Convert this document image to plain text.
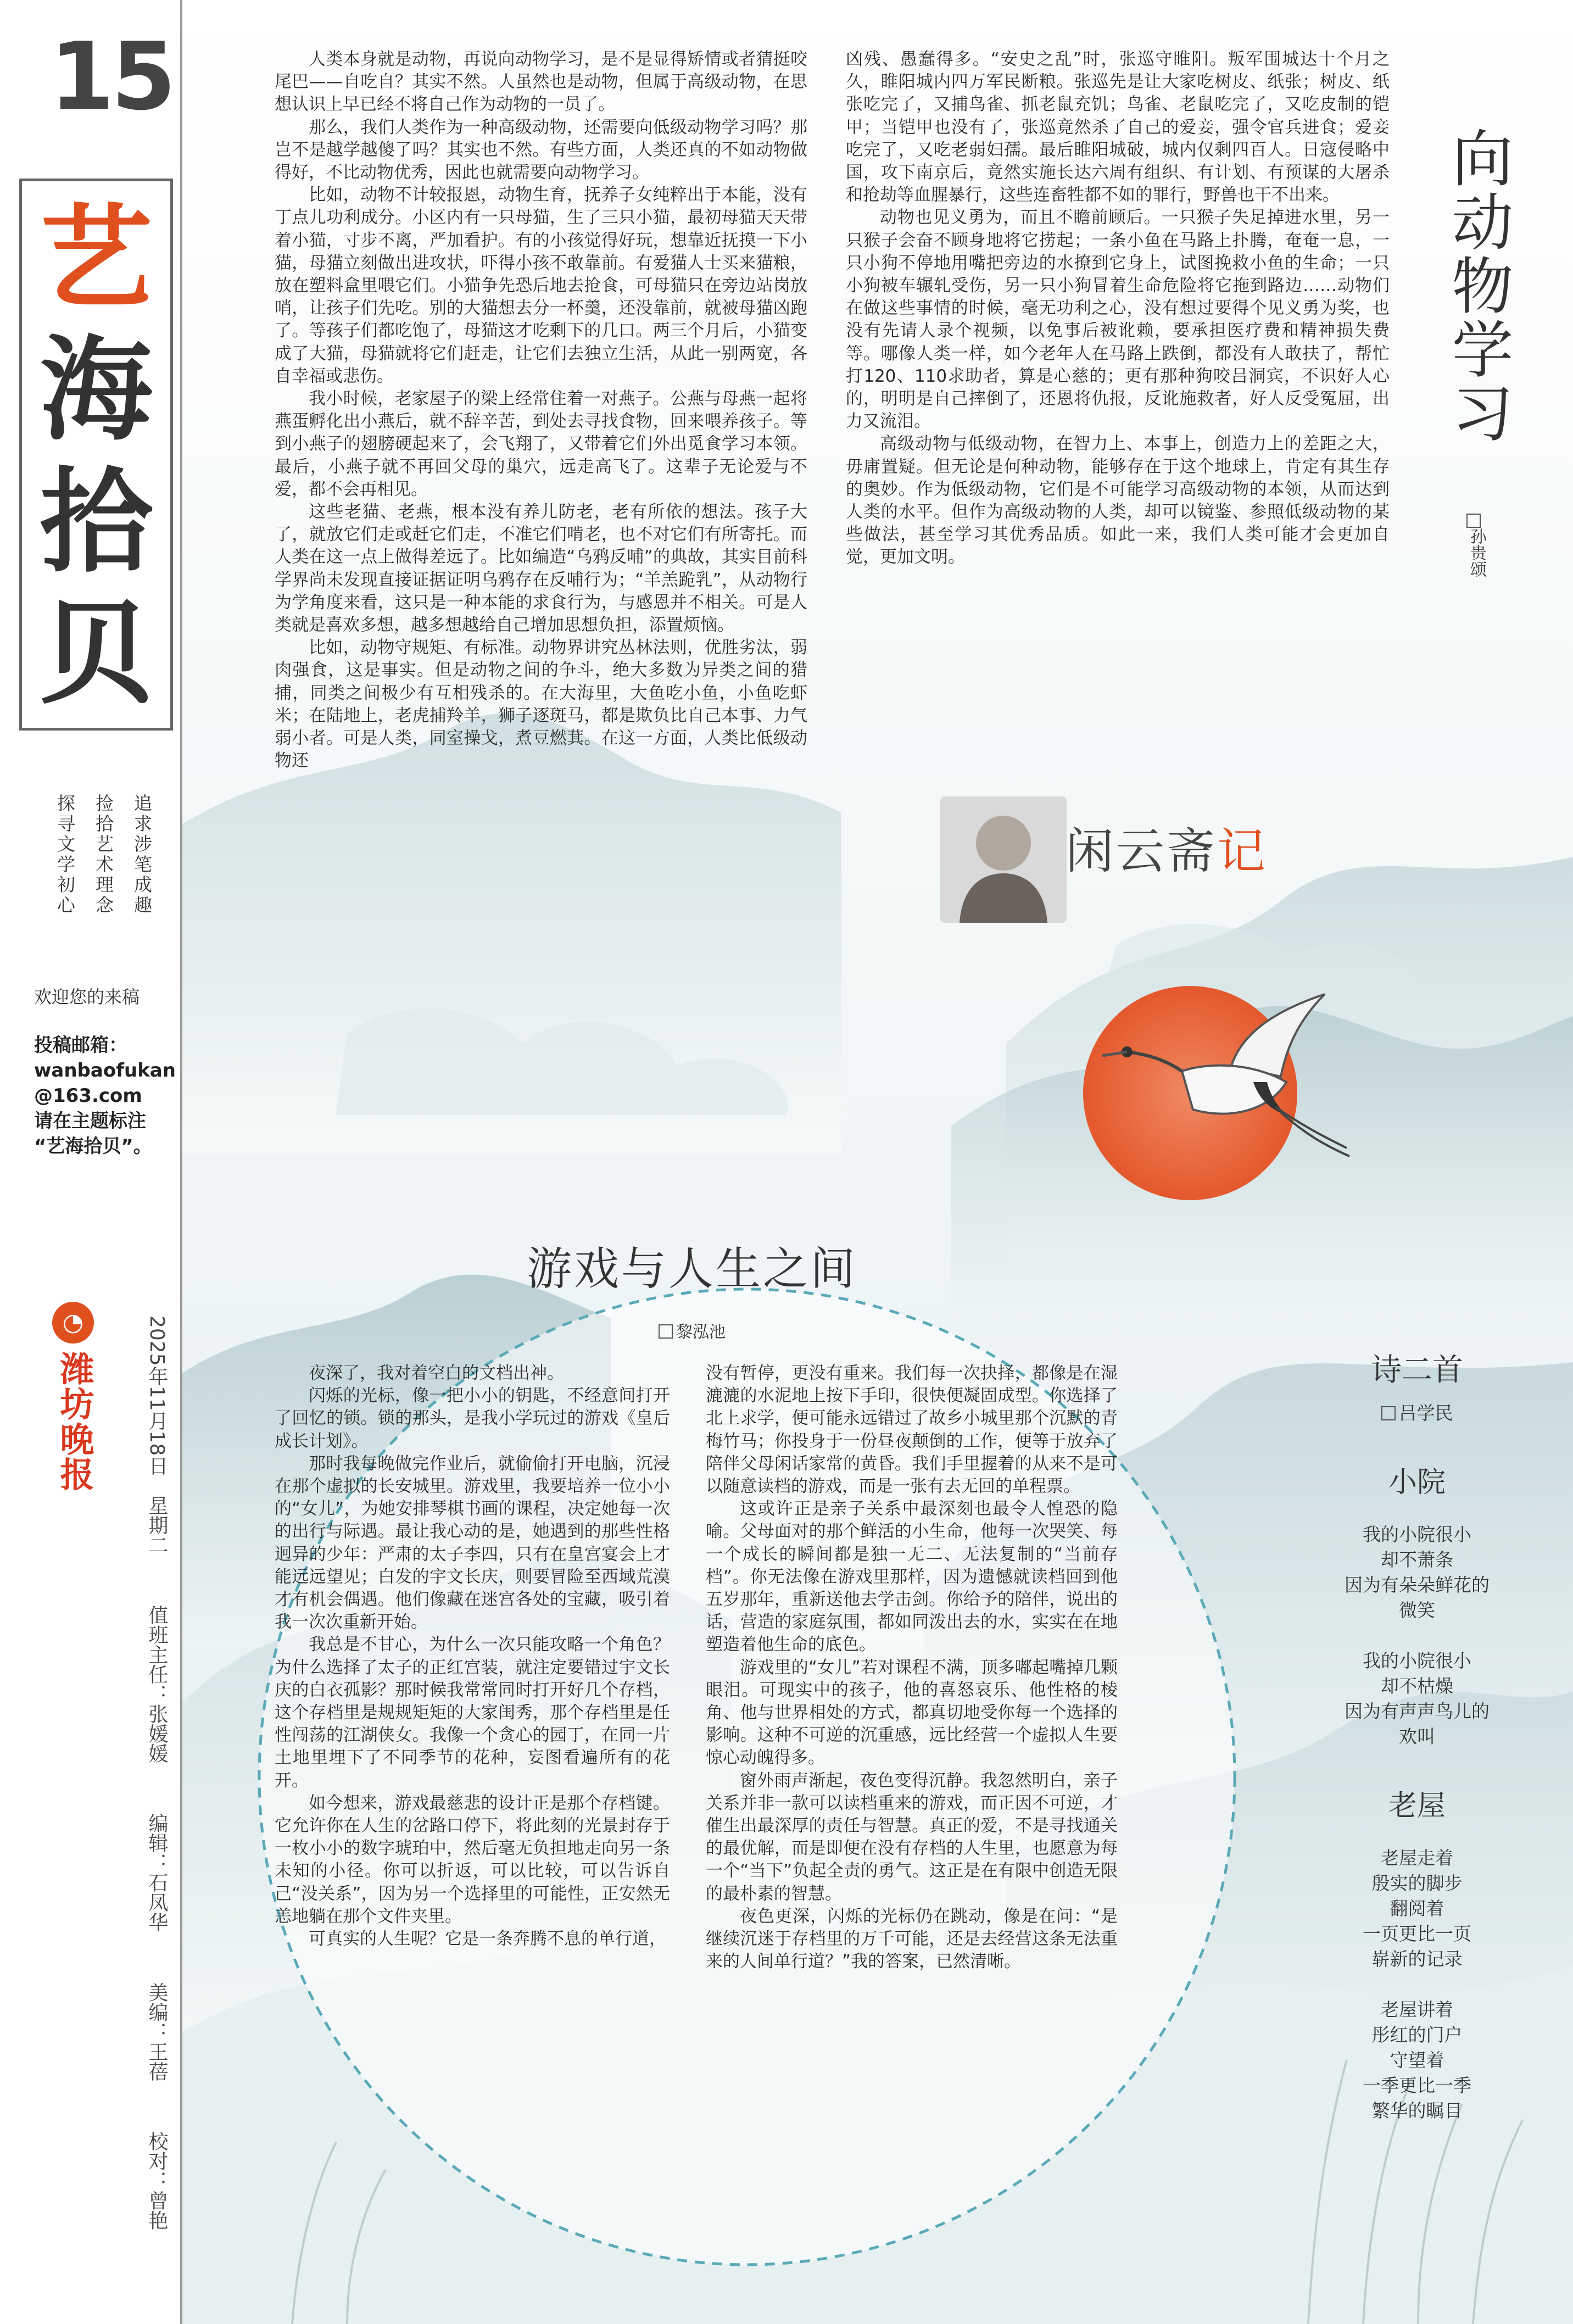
15
艺
海
拾
贝
追求涉笔成趣
捡拾艺术理念
探寻文学初心
欢迎您的来稿
投稿邮箱：
wanbaofukan
@163.com
请在主题标注
“艺海拾贝”。
◔
潍坊晚报	2025年11月18日　星期二 值班主任：张媛媛 编辑：石凤华 美编：王蓓 校对：曾艳
向动物学习
孙贵颂

人类本身就是动物，再说向动物学习，是不是显得矫情或者猜挺咬尾巴——自吃自？其实不然。人虽然也是动物，但属于高级动物，在思想认识上早已经不将自己作为动物的一员了。

那么，我们人类作为一种高级动物，还需要向低级动物学习吗？那岂不是越学越傻了吗？其实也不然。有些方面，人类还真的不如动物做得好，不比动物优秀，因此也就需要向动物学习。

比如，动物不计较报恩，动物生育，抚养子女纯粹出于本能，没有丁点儿功利成分。小区内有一只母猫，生了三只小猫，最初母猫天天带着小猫，寸步不离，严加看护。有的小孩觉得好玩，想靠近抚摸一下小猫，母猫立刻做出进攻状，吓得小孩不敢靠前。有爱猫人士买来猫粮，放在塑料盒里喂它们。小猫争先恐后地去抢食，可母猫只在旁边站岗放哨，让孩子们先吃。别的大猫想去分一杯羹，还没靠前，就被母猫凶跑了。等孩子们都吃饱了，母猫这才吃剩下的几口。两三个月后，小猫变成了大猫，母猫就将它们赶走，让它们去独立生活，从此一别两宽，各自幸福或悲伤。

我小时候，老家屋子的梁上经常住着一对燕子。公燕与母燕一起将燕蛋孵化出小燕后，就不辞辛苦，到处去寻找食物，回来喂养孩子。等到小燕子的翅膀硬起来了，会飞翔了，又带着它们外出觅食学习本领。最后，小燕子就不再回父母的巢穴，远走高飞了。这辈子无论爱与不爱，都不会再相见。

这些老猫、老燕，根本没有养儿防老，老有所依的想法。孩子大了，就放它们走或赶它们走，不准它们啃老，也不对它们有所寄托。而人类在这一点上做得差远了。比如编造“乌鸦反哺”的典故，其实目前科学界尚未发现直接证据证明乌鸦存在反哺行为；“羊羔跪乳”，从动物行为学角度来看，这只是一种本能的求食行为，与感恩并不相关。可是人类就是喜欢多想，越多想越给自己增加思想负担，添置烦恼。

比如，动物守规矩、有标准。动物界讲究丛林法则，优胜劣汰，弱肉强食，这是事实。但是动物之间的争斗，绝大多数为异类之间的猎捕，同类之间极少有互相残杀的。在大海里，大鱼吃小鱼，小鱼吃虾米；在陆地上，老虎捕羚羊，狮子逐斑马，都是欺负比自己本事、力气弱小者。可是人类，同室操戈，煮豆燃萁。在这一方面，人类比低级动物还

凶残、愚蠢得多。“安史之乱”时，张巡守睢阳。叛军围城达十个月之久，睢阳城内四万军民断粮。张巡先是让大家吃树皮、纸张；树皮、纸张吃完了，又捕鸟雀、抓老鼠充饥；鸟雀、老鼠吃完了，又吃皮制的铠甲；当铠甲也没有了，张巡竟然杀了自己的爱妾，强令官兵进食；爱妾吃完了，又吃老弱妇孺。最后睢阳城破，城内仅剩四百人。日寇侵略中国，攻下南京后，竟然实施长达六周有组织、有计划、有预谋的大屠杀和抢劫等血腥暴行，这些连畜牲都不如的罪行，野兽也干不出来。

动物也见义勇为，而且不瞻前顾后。一只猴子失足掉进水里，另一只猴子会奋不顾身地将它捞起；一条小鱼在马路上扑腾，奄奄一息，一只小狗不停地用嘴把旁边的水撩到它身上，试图挽救小鱼的生命；一只小狗被车辗轧受伤，另一只小狗冒着生命危险将它拖到路边……动物们在做这些事情的时候，毫无功利之心，没有想过要得个见义勇为奖，也没有先请人录个视频，以免事后被讹赖，要承担医疗费和精神损失费等。哪像人类一样，如今老年人在马路上跌倒，都没有人敢扶了，帮忙打120、110求助者，算是心慈的；更有那种狗咬吕洞宾，不识好人心的，明明是自己摔倒了，还恩将仇报，反讹施救者，好人反受冤屈，出力又流泪。

高级动物与低级动物，在智力上、本事上，创造力上的差距之大，毋庸置疑。但无论是何种动物，能够存在于这个地球上，肯定有其生存的奥妙。作为低级动物，它们是不可能学习高级动物的本领，从而达到人类的水平。但作为高级动物的人类，却可以镜鉴、参照低级动物的某些做法，甚至学习其优秀品质。如此一来，我们人类可能才会更加自觉，更加文明。

闲云斋记
游戏与人生之间
黎泓池

夜深了，我对着空白的文档出神。

闪烁的光标，像一把小小的钥匙，不经意间打开了回忆的锁。锁的那头，是我小学玩过的游戏《皇后成长计划》。

那时我每晚做完作业后，就偷偷打开电脑，沉浸在那个虚拟的长安城里。游戏里，我要培养一位小小的“女儿”，为她安排琴棋书画的课程，决定她每一次的出行与际遇。最让我心动的是，她遇到的那些性格迥异的少年：严肃的太子李四，只有在皇宫宴会上才能远远望见；白发的宇文长庆，则要冒险至西域荒漠才有机会偶遇。他们像藏在迷宫各处的宝藏，吸引着我一次次重新开始。

我总是不甘心，为什么一次只能攻略一个角色？为什么选择了太子的正红宫装，就注定要错过宇文长庆的白衣孤影？那时候我常常同时打开好几个存档，这个存档里是规规矩矩的大家闺秀，那个存档里是任性闯荡的江湖侠女。我像一个贪心的园丁，在同一片土地里埋下了不同季节的花种，妄图看遍所有的花开。

如今想来，游戏最慈悲的设计正是那个存档键。它允许你在人生的岔路口停下，将此刻的光景封存于一枚小小的数字琥珀中，然后毫无负担地走向另一条未知的小径。你可以折返，可以比较，可以告诉自己“没关系”，因为另一个选择里的可能性，正安然无恙地躺在那个文件夹里。

可真实的人生呢？它是一条奔腾不息的单行道，

没有暂停，更没有重来。我们每一次抉择，都像是在湿漉漉的水泥地上按下手印，很快便凝固成型。你选择了北上求学，便可能永远错过了故乡小城里那个沉默的青梅竹马；你投身于一份昼夜颠倒的工作，便等于放弃了陪伴父母闲话家常的黄昏。我们手里握着的从来不是可以随意读档的游戏，而是一张有去无回的单程票。

这或许正是亲子关系中最深刻也最令人惶恐的隐喻。父母面对的那个鲜活的小生命，他每一次哭笑、每一个成长的瞬间都是独一无二、无法复制的“当前存档”。你无法像在游戏里那样，因为遗憾就读档回到他五岁那年，重新送他去学击剑。你给予的陪伴，说出的话，营造的家庭氛围，都如同泼出去的水，实实在在地塑造着他生命的底色。

游戏里的“女儿”若对课程不满，顶多嘟起嘴掉几颗眼泪。可现实中的孩子，他的喜怒哀乐、他性格的棱角、他与世界相处的方式，都真切地受你每一个选择的影响。这种不可逆的沉重感，远比经营一个虚拟人生要惊心动魄得多。

窗外雨声渐起，夜色变得沉静。我忽然明白，亲子关系并非一款可以读档重来的游戏，而正因不可逆，才催生出最深厚的责任与智慧。真正的爱，不是寻找通关的最优解，而是即便在没有存档的人生里，也愿意为每一个“当下”负起全责的勇气。这正是在有限中创造无限的最朴素的智慧。

夜色更深，闪烁的光标仍在跳动，像是在问：“是继续沉迷于存档里的万千可能，还是去经营这条无法重来的人间单行道？”我的答案，已然清晰。

诗二首
吕学民
小院
我的小院很小
却不萧条
因为有朵朵鲜花的
微笑
我的小院很小
却不枯燥
因为有声声鸟儿的
欢叫
老屋
老屋走着
殷实的脚步
翻阅着
一页更比一页
崭新的记录
老屋讲着
彤红的门户
守望着
一季更比一季
繁华的瞩目
